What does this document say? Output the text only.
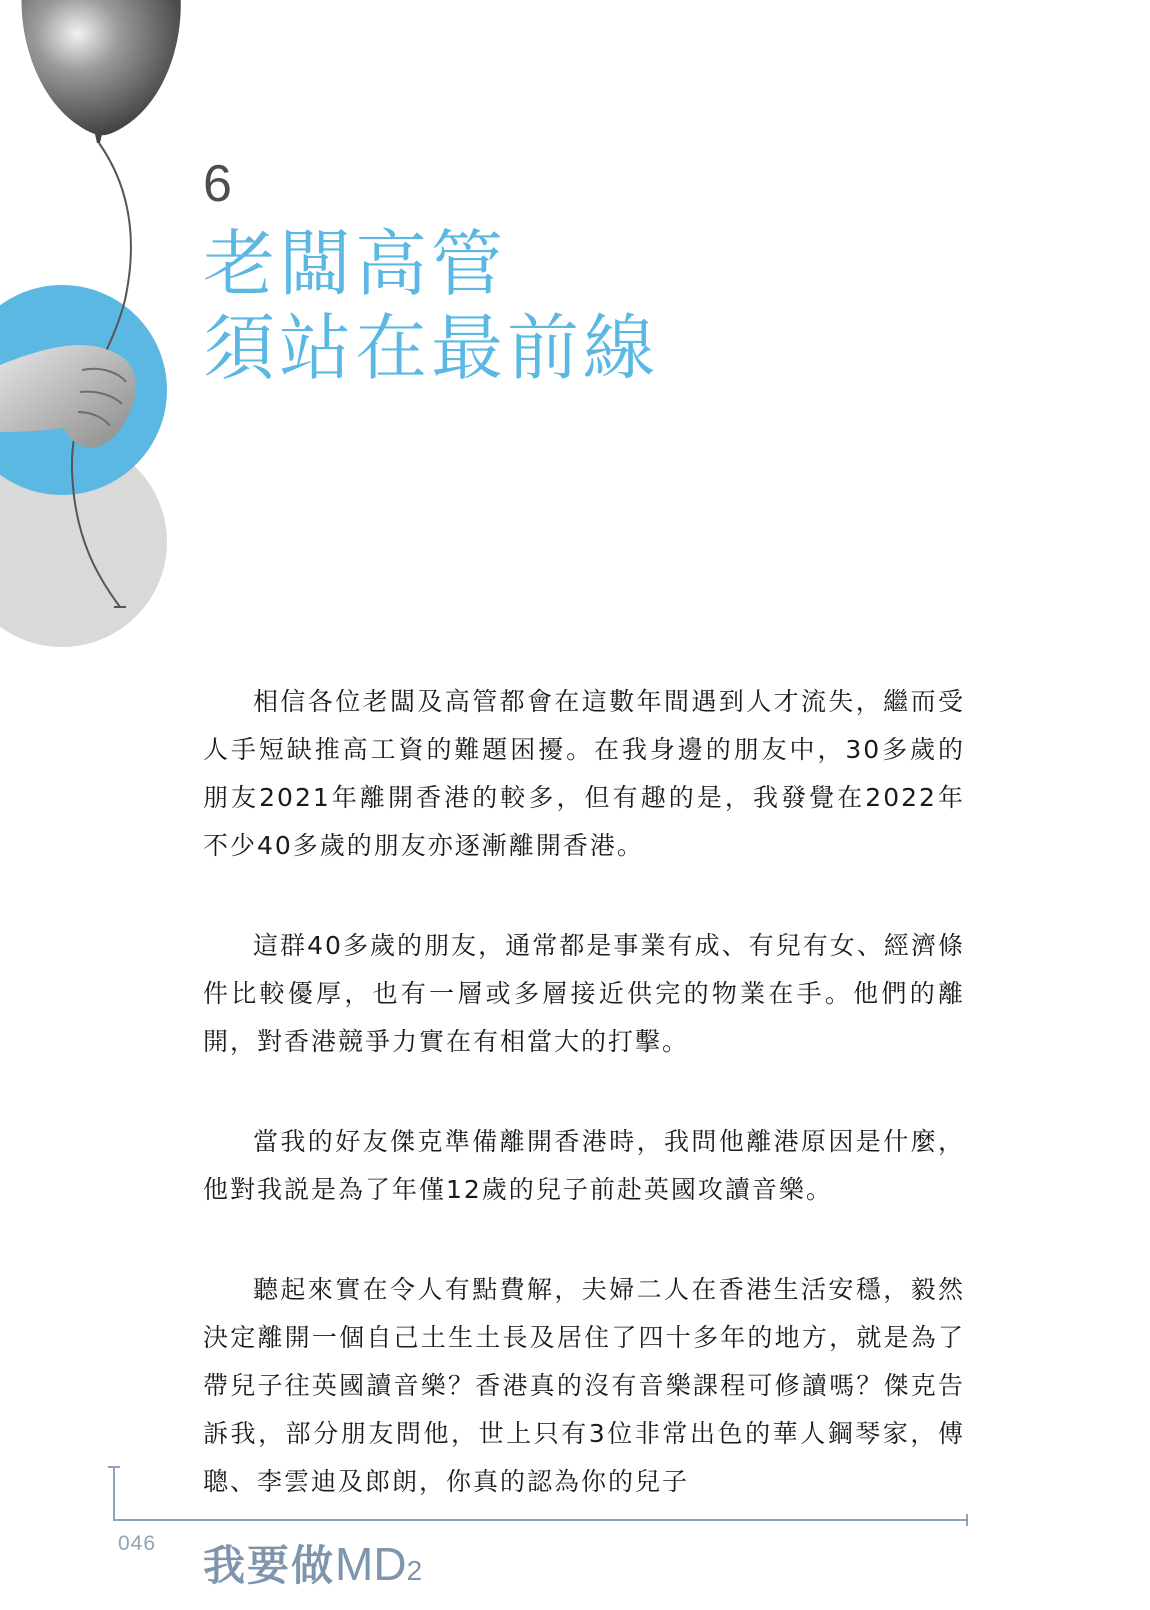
6
老闆高管
須站在最前線

相信各位老闆及高管都會在這數年間遇到人才流失，繼而受人手短缺推高工資的難題困擾。在我身邊的朋友中，30多歲的朋友2021年離開香港的較多，但有趣的是，我發覺在2022年不少40多歲的朋友亦逐漸離開香港。

這群40多歲的朋友，通常都是事業有成、有兒有女、經濟條件比較優厚，也有一層或多層接近供完的物業在手。他們的離開，對香港競爭力實在有相當大的打擊。

當我的好友傑克準備離開香港時，我問他離港原因是什麼，他對我説是為了年僅12歲的兒子前赴英國攻讀音樂。

聽起來實在令人有點費解，夫婦二人在香港生活安穩，毅然決定離開一個自己土生土長及居住了四十多年的地方，就是為了帶兒子往英國讀音樂？香港真的沒有音樂課程可修讀嗎？傑克告訴我，部分朋友問他，世上只有3位非常出色的華人鋼琴家，傅聰、李雲迪及郎朗，你真的認為你的兒子

046 我要做MD2
